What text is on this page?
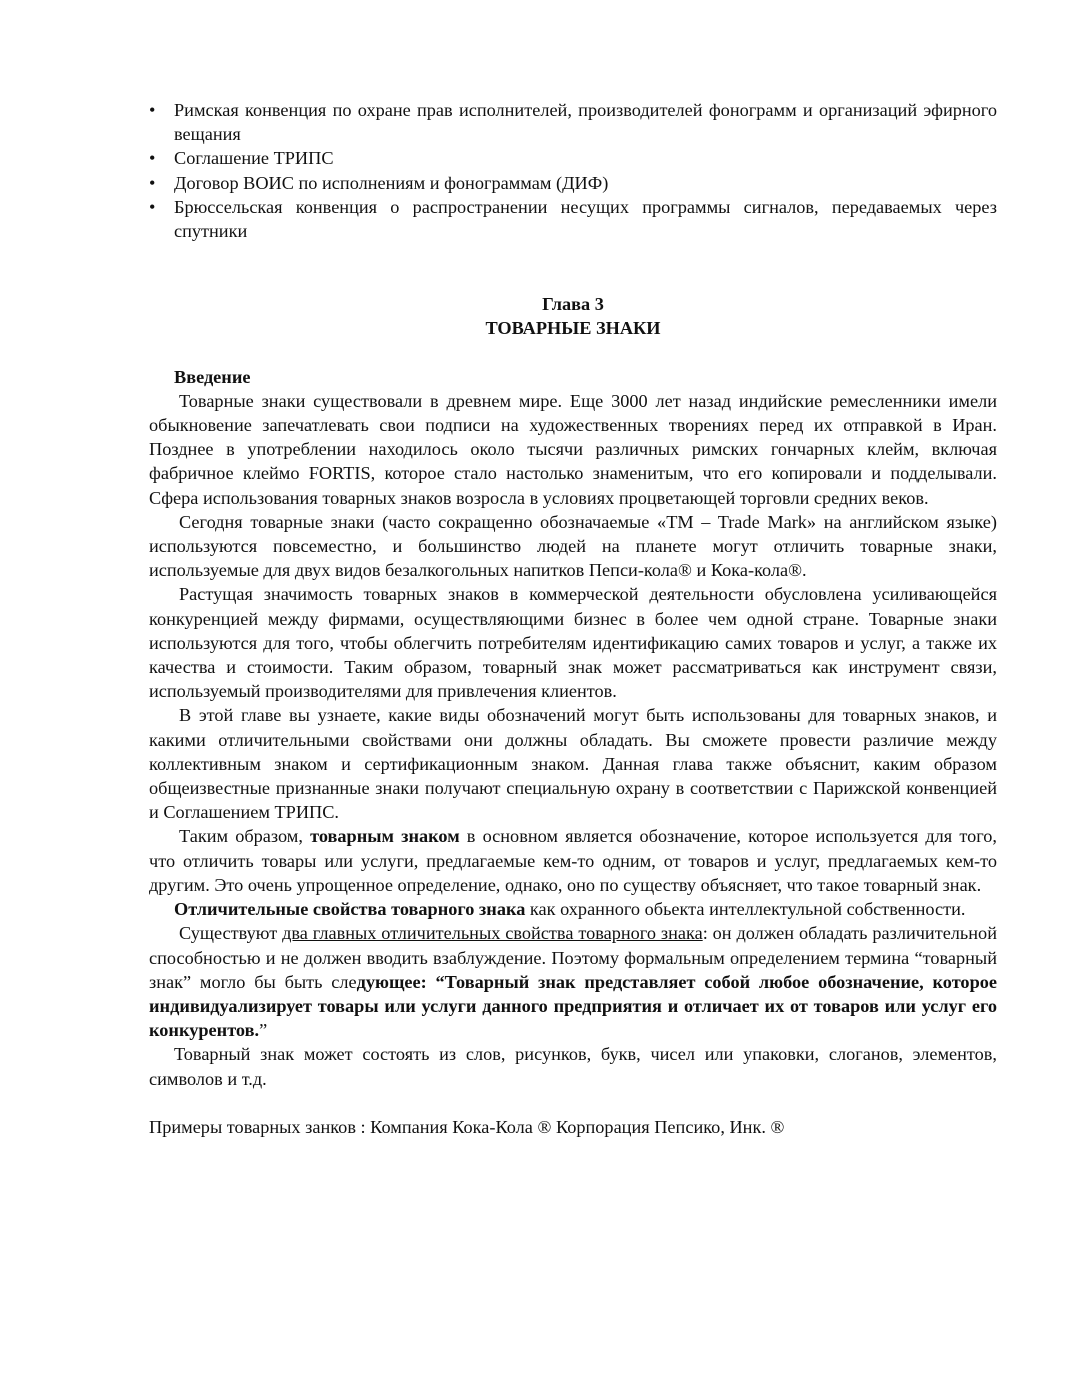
• Римская конвенция по охране прав исполнителей, производителей фонограмм и организаций эфирного вещания
• Соглашение ТРИПС
• Договор ВОИС по исполнениям и фонограммам (ДИФ)
• Брюссельская конвенция о распространении несущих программы сигналов, передаваемых через спутники
Глава 3
ТОВАРНЫЕ ЗНАКИ
Введение

Товарные знаки существовали в древнем мире. Еще 3000 лет назад индийские ремесленники имели обыкновение запечатлевать свои подписи на художественных творениях перед их отправкой в Иран. Позднее в употреблении находилось около тысячи различных римских гончарных клейм, включая фабричное клеймо FORTIS, которое стало настолько знаменитым, что его копировали и подделывали. Сфера использования товарных знаков возросла в условиях процветающей торговли средних веков.

Сегодня товарные знаки (часто сокращенно обозначаемые «TM – Trade Mark» на английском языке) используются повсеместно, и большинство людей на планете могут отличить товарные знаки, используемые для двух видов безалкогольных напитков Пепси-кола® и Кока-кола®.

Растущая значимость товарных знаков в коммерческой деятельности обусловлена усиливающейся конкуренцией между фирмами, осуществляющими бизнес в более чем одной стране. Товарные знаки используются для того, чтобы облегчить потребителям идентификацию самих товаров и услуг, а также их качества и стоимости. Таким образом, товарный знак может рассматриваться как инструмент связи, используемый производителями для привлечения клиентов.

В этой главе вы узнаете, какие виды обозначений могут быть использованы для товарных знаков, и какими отличительными свойствами они должны обладать. Вы сможете провести различие между коллективным знаком и сертификационным знаком. Данная глава также объяснит, каким образом общеизвестные признанные знаки получают специальную охрану в соответствии с Парижской конвенцией и Соглашением ТРИПС.

Таким образом, товарным знаком в основном является обозначение, которое используется для того, что отличить товары или услуги, предлагаемые кем-то одним, от товаров и услуг, предлагаемых кем-то другим. Это очень упрощенное определение, однако, оно по существу объясняет, что такое товарный знак.

Отличительные свойства товарного знака как охранного обьекта интеллектульной собственности.

Существуют два главных отличительных свойства товарного знака: он должен обладать различительной способностью и не должен вводить взаблуждение. Поэтому формальным определением термина “товарный знак” могло бы быть следующее: “Товарный знак представляет собой любое обозначение, которое индивидуализирует товары или услуги данного предприятия и отличает их от товаров или услуг его конкурентов.”

Товарный знак может состоять из слов, рисунков, букв, чисел или упаковки, слоганов, элементов, символов и т.д.

Примеры товарных занков : Компания Кока-Кола ® Корпорация Пепсико, Инк. ®
